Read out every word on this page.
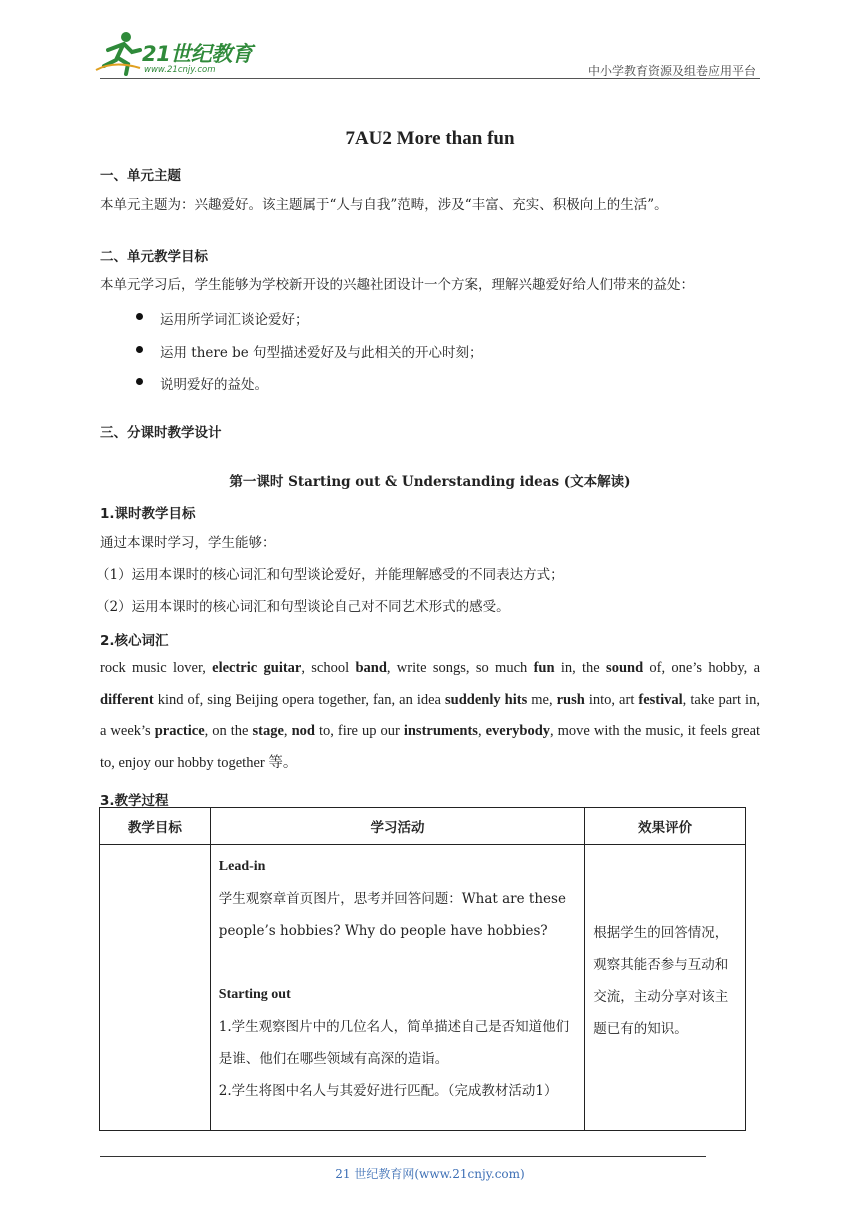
21世纪教育
www.21cnjy.com	中小学教育资源及组卷应用平台
7AU2 More than fun
一、单元主题
本单元主题为：兴趣爱好。该主题属于“人与自我”范畴，涉及“丰富、充实、积极向上的生活”。
二、单元教学目标
本单元学习后，学生能够为学校新开设的兴趣社团设计一个方案，理解兴趣爱好给人们带来的益处：
运用所学词汇谈论爱好；
运用 there be 句型描述爱好及与此相关的开心时刻；
说明爱好的益处。
三、分课时教学设计
第一课时 Starting out & Understanding ideas (文本解读)
1.课时教学目标
通过本课时学习，学生能够：
（1）运用本课时的核心词汇和句型谈论爱好，并能理解感受的不同表达方式；
（2）运用本课时的核心词汇和句型谈论自己对不同艺术形式的感受。
2.核心词汇
rock music lover, electric guitar, school band, write songs, so much fun in, the sound of, one’s hobby, a different kind of, sing Beijing opera together, fan, an idea suddenly hits me, rush into, art festival, take part in, a week’s practice, on the stage, nod to, fire up our instruments, everybody, move with the music, it feels great to, enjoy our hobby together 等。
3.教学过程
教学目标	学习活动	效果评价

	Lead-in
学生观察章首页图片，思考并回答问题：What are these people’s hobbies? Why do people have hobbies?
Starting out
1.学生观察图片中的几位名人，简单描述自己是否知道他们是谁、他们在哪些领域有高深的造诣。
2.学生将图中名人与其爱好进行匹配。（完成教材活动1）	根据学生的回答情况，观察其能否参与互动和交流，主动分享对该主题已有的知识。
21 世纪教育网(www.21cnjy.com)
